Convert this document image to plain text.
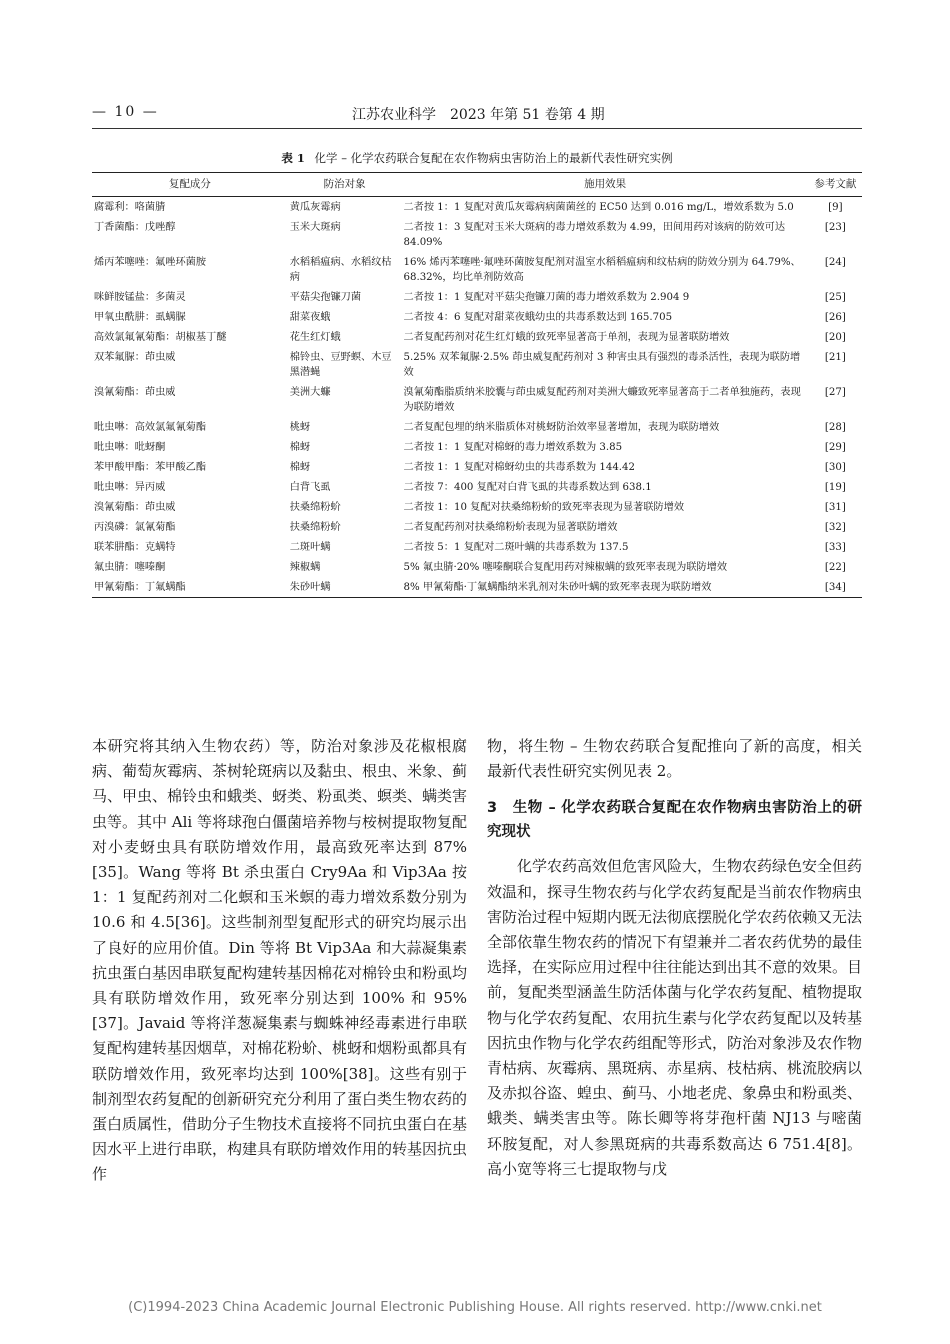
— 10 —	江苏农业科学　2023 年第 51 卷第 4 期
表 1 化学 – 化学农药联合复配在农作物病虫害防治上的最新代表性研究实例
复配成分	防治对象	施用效果	参考文献
腐霉利：咯菌腈	黄瓜灰霉病	二者按 1：1 复配对黄瓜灰霉病病菌菌丝的 EC50 达到 0.016 mg/L，增效系数为 5.0	[9]
丁香菌酯：戊唑醇	玉米大斑病	二者按 1：3 复配对玉米大斑病的毒力增效系数为 4.99，田间用药对该病的防效可达 84.09%	[23]
烯丙苯噻唑：氟唑环菌胺	水稻稻瘟病、水稻纹枯病	16% 烯丙苯噻唑·氟唑环菌胺复配剂对温室水稻稻瘟病和纹枯病的防效分别为 64.79%、68.32%，均比单剂防效高	[24]
咪鲜胺锰盐：多菌灵	平菇尖孢镰刀菌	二者按 1：1 复配对平菇尖孢镰刀菌的毒力增效系数为 2.904 9	[25]
甲氧虫酰肼：虱螨脲	甜菜夜蛾	二者按 4：6 复配对甜菜夜蛾幼虫的共毒系数达到 165.705	[26]
高效氯氟氰菊酯：胡椒基丁醚	花生红灯蛾	二者复配药剂对花生红灯蛾的致死率显著高于单剂，表现为显著联防增效	[20]
双苯氟脲：茚虫威	棉铃虫、豆野螟、木豆黑潜蝇	5.25% 双苯氟脲·2.5% 茚虫威复配药剂对 3 种害虫具有强烈的毒杀活性，表现为联防增效	[21]
溴氰菊酯：茚虫威	美洲大蠊	溴氰菊酯脂质纳米胶囊与茚虫威复配药剂对美洲大蠊致死率显著高于二者单独施药，表现为联防增效	[27]
吡虫啉：高效氯氟氰菊酯	桃蚜	二者复配包埋的纳米脂质体对桃蚜防治效率显著增加，表现为联防增效	[28]
吡虫啉：吡蚜酮	棉蚜	二者按 1：1 复配对棉蚜的毒力增效系数为 3.85	[29]
苯甲酸甲酯：苯甲酸乙酯	棉蚜	二者按 1：1 复配对棉蚜幼虫的共毒系数为 144.42	[30]
吡虫啉：异丙威	白背飞虱	二者按 7：400 复配对白背飞虱的共毒系数达到 638.1	[19]
溴氰菊酯：茚虫威	扶桑绵粉蚧	二者按 1：10 复配对扶桑绵粉蚧的致死率表现为显著联防增效	[31]
丙溴磷：氯氰菊酯	扶桑绵粉蚧	二者复配药剂对扶桑绵粉蚧表现为显著联防增效	[32]
联苯肼酯：克螨特	二斑叶螨	二者按 5：1 复配对二斑叶螨的共毒系数为 137.5	[33]
氟虫腈：噻嗪酮	辣椒螨	5% 氟虫腈·20% 噻嗪酮联合复配用药对辣椒螨的致死率表现为联防增效	[22]
甲氰菊酯：丁氟螨酯	朱砂叶螨	8% 甲氰菊酯·丁氟螨酯纳米乳剂对朱砂叶螨的致死率表现为联防增效	[34]

本研究将其纳入生物农药）等，防治对象涉及花椒根腐病、葡萄灰霉病、茶树轮斑病以及黏虫、根虫、米象、蓟马、甲虫、棉铃虫和蛾类、蚜类、粉虱类、螟类、螨类害虫等。其中 Ali 等将球孢白僵菌培养物与桉树提取物复配对小麦蚜虫具有联防增效作用，最高致死率达到 87%[35]。Wang 等将 Bt 杀虫蛋白 Cry9Aa 和 Vip3Aa 按 1：1 复配药剂对二化螟和玉米螟的毒力增效系数分别为 10.6 和 4.5[36]。这些制剂型复配形式的研究均展示出了良好的应用价值。Din 等将 Bt Vip3Aa 和大蒜凝集素抗虫蛋白基因串联复配构建转基因棉花对棉铃虫和粉虱均具有联防增效作用，致死率分别达到 100% 和 95%[37]。Javaid 等将洋葱凝集素与蜘蛛神经毒素进行串联复配构建转基因烟草，对棉花粉蚧、桃蚜和烟粉虱都具有联防增效作用，致死率均达到 100%[38]。这些有别于制剂型农药复配的创新研究充分利用了蛋白类生物农药的蛋白质属性，借助分子生物技术直接将不同抗虫蛋白在基因水平上进行串联，构建具有联防增效作用的转基因抗虫作

物，将生物 – 生物农药联合复配推向了新的高度，相关最新代表性研究实例见表 2。

3　生物 – 化学农药联合复配在农作物病虫害防治上的研究现状

化学农药高效但危害风险大，生物农药绿色安全但药效温和，探寻生物农药与化学农药复配是当前农作物病虫害防治过程中短期内既无法彻底摆脱化学农药依赖又无法全部依靠生物农药的情况下有望兼并二者农药优势的最佳选择，在实际应用过程中往往能达到出其不意的效果。目前，复配类型涵盖生防活体菌与化学农药复配、植物提取物与化学农药复配、农用抗生素与化学农药复配以及转基因抗虫作物与化学农药组配等形式，防治对象涉及农作物青枯病、灰霉病、黑斑病、赤星病、枝枯病、桃流胶病以及赤拟谷盗、蝗虫、蓟马、小地老虎、象鼻虫和粉虱类、蛾类、螨类害虫等。陈长卿等将芽孢杆菌 NJ13 与嘧菌环胺复配，对人参黑斑病的共毒系数高达 6 751.4[8]。高小宽等将三七提取物与戊

(C)1994-2023 China Academic Journal Electronic Publishing House. All rights reserved. http://www.cnki.net
